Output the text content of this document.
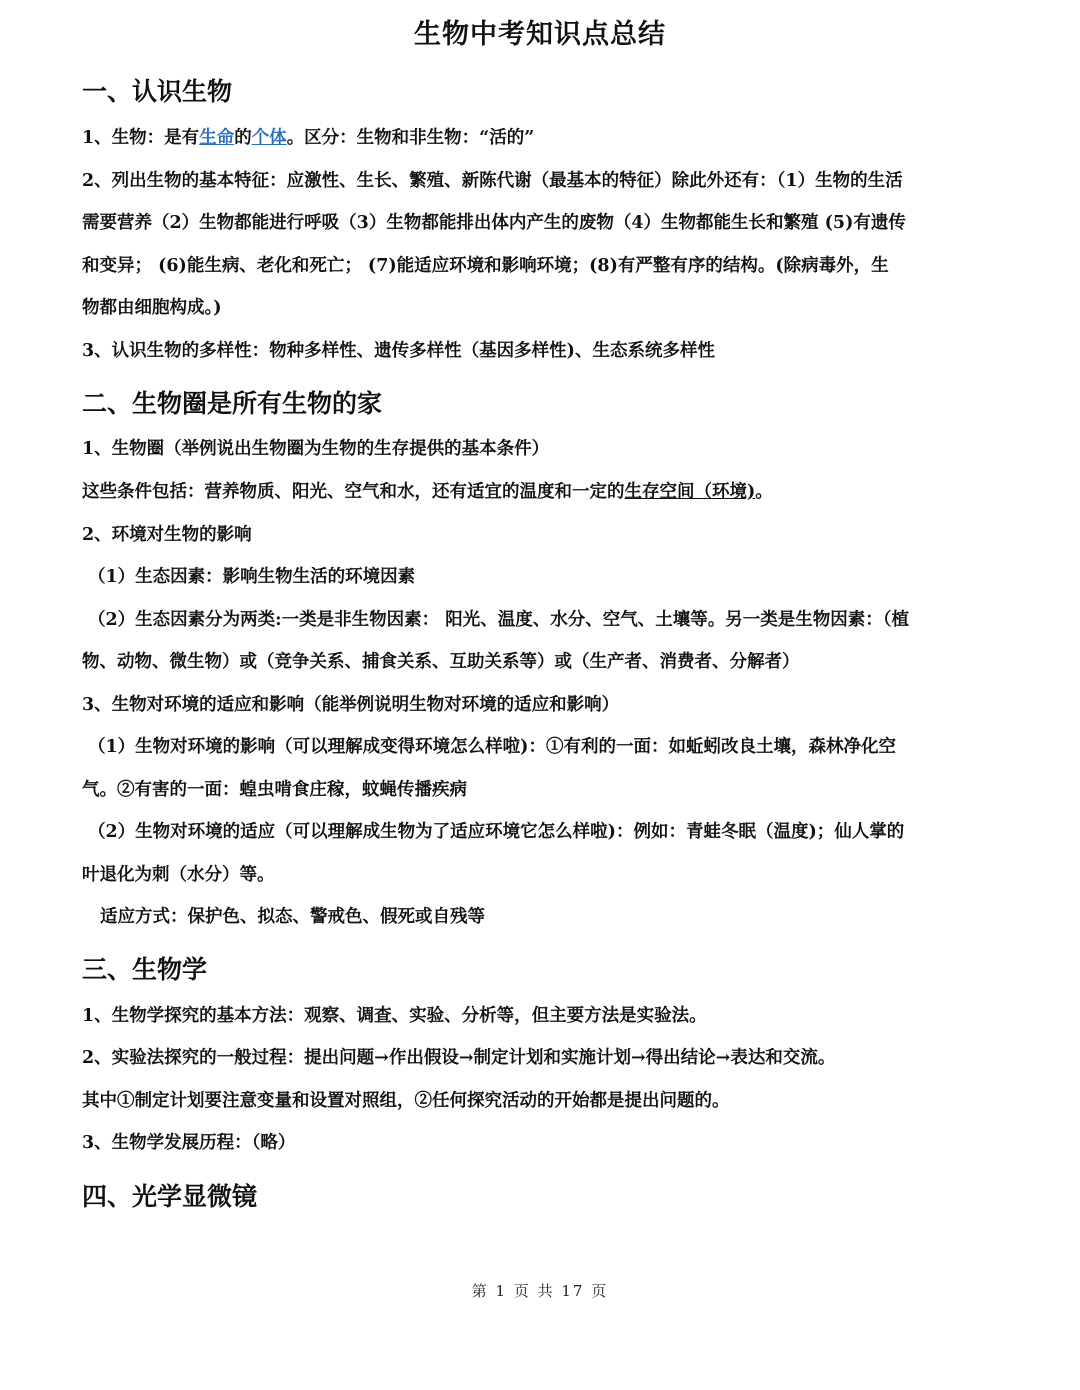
生物中考知识点总结
一、认识生物
1、生物：是有生命的个体。区分：生物和非生物：“活的”
2、列出生物的基本特征：应激性、生长、繁殖、新陈代谢（最基本的特征）除此外还有：（1）生物的生活
需要营养（2）生物都能进行呼吸（3）生物都能排出体内产生的废物（4）生物都能生长和繁殖 (5)有遗传
和变异； (6)能生病、老化和死亡； (7)能适应环境和影响环境；(8)有严整有序的结构。(除病毒外，生
物都由细胞构成。)
3、认识生物的多样性：物种多样性、遗传多样性（基因多样性)、生态系统多样性
二、生物圈是所有生物的家
1、生物圈（举例说出生物圈为生物的生存提供的基本条件）
这些条件包括：营养物质、阳光、空气和水，还有适宜的温度和一定的生存空间（环境)。
2、环境对生物的影响
（1）生态因素：影响生物生活的环境因素
（2）生态因素分为两类:一类是非生物因素： 阳光、温度、水分、空气、土壤等。另一类是生物因素：（植
物、动物、微生物）或（竞争关系、捕食关系、互助关系等）或（生产者、消费者、分解者）
3、生物对环境的适应和影响（能举例说明生物对环境的适应和影响）
（1）生物对环境的影响（可以理解成变得环境怎么样啦)：①有利的一面：如蚯蚓改良土壤，森林净化空
气。②有害的一面：蝗虫啃食庄稼，蚊蝇传播疾病
（2）生物对环境的适应（可以理解成生物为了适应环境它怎么样啦)：例如：青蛙冬眠（温度)；仙人掌的
叶退化为刺（水分）等。
适应方式：保护色、拟态、警戒色、假死或自残等
三、生物学
1、生物学探究的基本方法：观察、调查、实验、分析等，但主要方法是实验法。
2、实验法探究的一般过程：提出问题→作出假设→制定计划和实施计划→得出结论→表达和交流。
其中①制定计划要注意变量和设置对照组，②任何探究活动的开始都是提出问题的。
3、生物学发展历程：（略）
四、光学显微镜
第 1 页 共 17 页
